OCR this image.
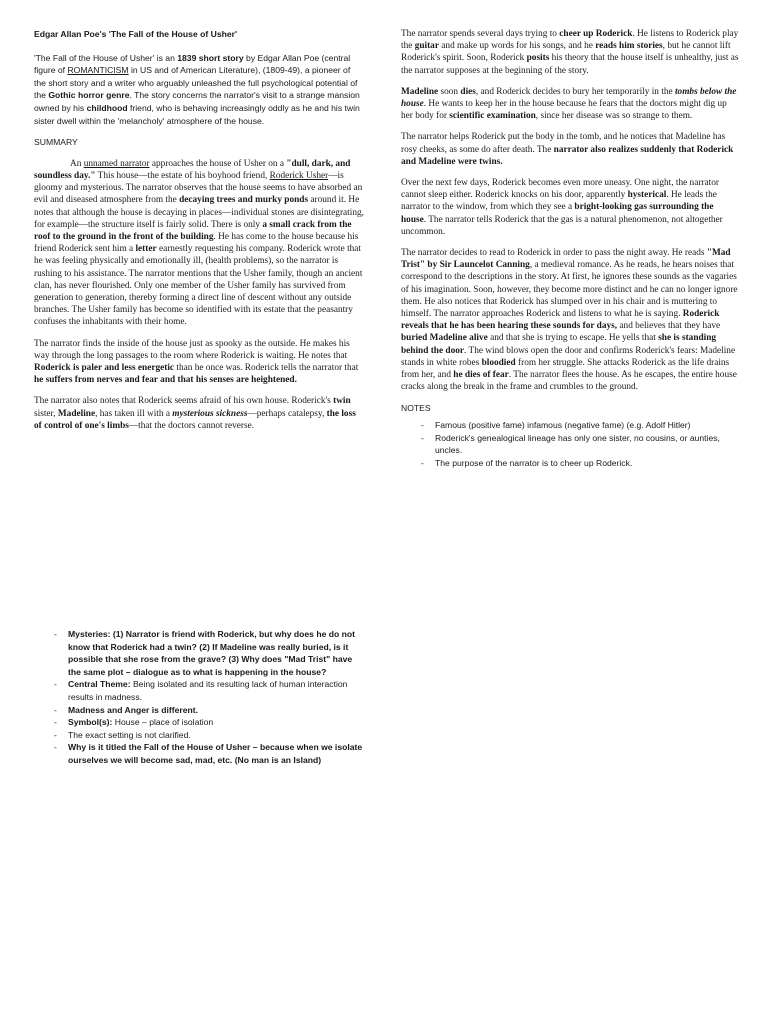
Edgar Allan Poe's 'The Fall of the House of Usher'

'The Fall of the House of Usher' is an 1839 short story by Edgar Allan Poe (central figure of ROMANTICISM in US and of American Literature), (1809-49), a pioneer of the short story and a writer who arguably unleashed the full psychological potential of the Gothic horror genre. The story concerns the narrator's visit to a strange mansion owned by his childhood friend, who is behaving increasingly oddly as he and his twin sister dwell within the 'melancholy' atmosphere of the house.

SUMMARY

An unnamed narrator approaches the house of Usher on a "dull, dark, and soundless day." This house—the estate of his boyhood friend, Roderick Usher—is gloomy and mysterious. The narrator observes that the house seems to have absorbed an evil and diseased atmosphere from the decaying trees and murky ponds around it. He notes that although the house is decaying in places—individual stones are disintegrating, for example—the structure itself is fairly solid. There is only a small crack from the roof to the ground in the front of the building. He has come to the house because his friend Roderick sent him a letter earnestly requesting his company. Roderick wrote that he was feeling physically and emotionally ill, (health problems), so the narrator is rushing to his assistance. The narrator mentions that the Usher family, though an ancient clan, has never flourished. Only one member of the Usher family has survived from generation to generation, thereby forming a direct line of descent without any outside branches. The Usher family has become so identified with its estate that the peasantry confuses the inhabitants with their home.

The narrator finds the inside of the house just as spooky as the outside. He makes his way through the long passages to the room where Roderick is waiting. He notes that Roderick is paler and less energetic than he once was. Roderick tells the narrator that he suffers from nerves and fear and that his senses are heightened.

The narrator also notes that Roderick seems afraid of his own house. Roderick's twin sister, Madeline, has taken ill with a mysterious sickness—perhaps catalepsy, the loss of control of one's limbs—that the doctors cannot reverse.

The narrator spends several days trying to cheer up Roderick. He listens to Roderick play the guitar and make up words for his songs, and he reads him stories, but he cannot lift Roderick's spirit. Soon, Roderick posits his theory that the house itself is unhealthy, just as the narrator supposes at the beginning of the story.

Madeline soon dies, and Roderick decides to bury her temporarily in the tombs below the house. He wants to keep her in the house because he fears that the doctors might dig up her body for scientific examination, since her disease was so strange to them.

The narrator helps Roderick put the body in the tomb, and he notices that Madeline has rosy cheeks, as some do after death. The narrator also realizes suddenly that Roderick and Madeline were twins.

Over the next few days, Roderick becomes even more uneasy. One night, the narrator cannot sleep either. Roderick knocks on his door, apparently hysterical. He leads the narrator to the window, from which they see a bright-looking gas surrounding the house. The narrator tells Roderick that the gas is a natural phenomenon, not altogether uncommon.

The narrator decides to read to Roderick in order to pass the night away. He reads "Mad Trist" by Sir Launcelot Canning, a medieval romance. As he reads, he hears noises that correspond to the descriptions in the story. At first, he ignores these sounds as the vagaries of his imagination. Soon, however, they become more distinct and he can no longer ignore them. He also notices that Roderick has slumped over in his chair and is muttering to himself. The narrator approaches Roderick and listens to what he is saying. Roderick reveals that he has been hearing these sounds for days, and believes that they have buried Madeline alive and that she is trying to escape. He yells that she is standing behind the door. The wind blows open the door and confirms Roderick's fears: Madeline stands in white robes bloodied from her struggle. She attacks Roderick as the life drains from her, and he dies of fear. The narrator flees the house. As he escapes, the entire house cracks along the break in the frame and crumbles to the ground.

NOTES
- Famous (positive fame) infamous (negative fame) (e.g. Adolf Hitler)
- Roderick's genealogical lineage has only one sister, no cousins, or aunties, uncles.
- The purpose of the narrator is to cheer up Roderick.
- Mysteries: (1) Narrator is friend with Roderick, but why does he do not know that Roderick had a twin? (2) If Madeline was really buried, is it possible that she rose from the grave? (3) Why does "Mad Trist" have the same plot – dialogue as to what is happening in the house?
- Central Theme: Being isolated and its resulting lack of human interaction results in madness.
- Madness and Anger is different.
- Symbol(s): House – place of isolation
- The exact setting is not clarified.
- Why is it titled the Fall of the House of Usher – because when we isolate ourselves we will become sad, mad, etc. (No man is an Island)
